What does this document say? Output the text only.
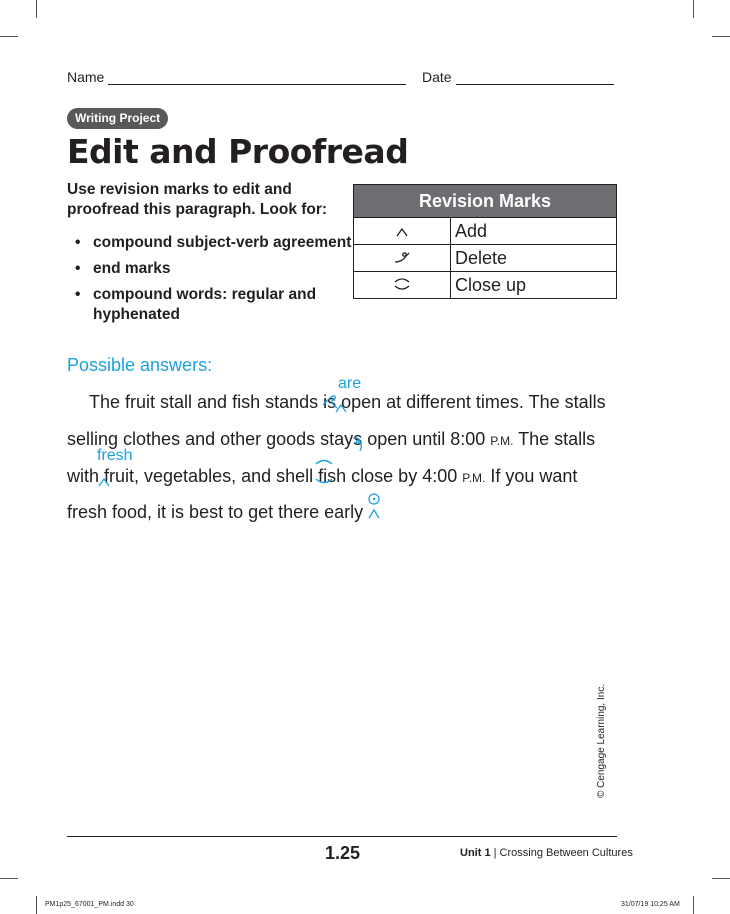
Name	Date
Writing Project
Edit and Proofread
Use revision marks to edit and proofread this paragraph. Look for:
• compound subject-verb agreement
• end marks
• compound words: regular and hyphenated
Revision Marks	
	Add
	Delete
	Close up
Possible answers:
The fruit stall and fish stands is
open at different times. The stalls
are
selling clothes and other goods stays
open until 8:00 P.M. The stalls
fresh
with fruit, vegetables, and shell fish close by 4:00 P.M. If you want
fresh food, it is best to get there early
© Cengage Learning, Inc.
1.25	Unit 1 | Crossing Between Cultures
PM1p25_67001_PM.indd 30	31/07/19 10:25 AM
